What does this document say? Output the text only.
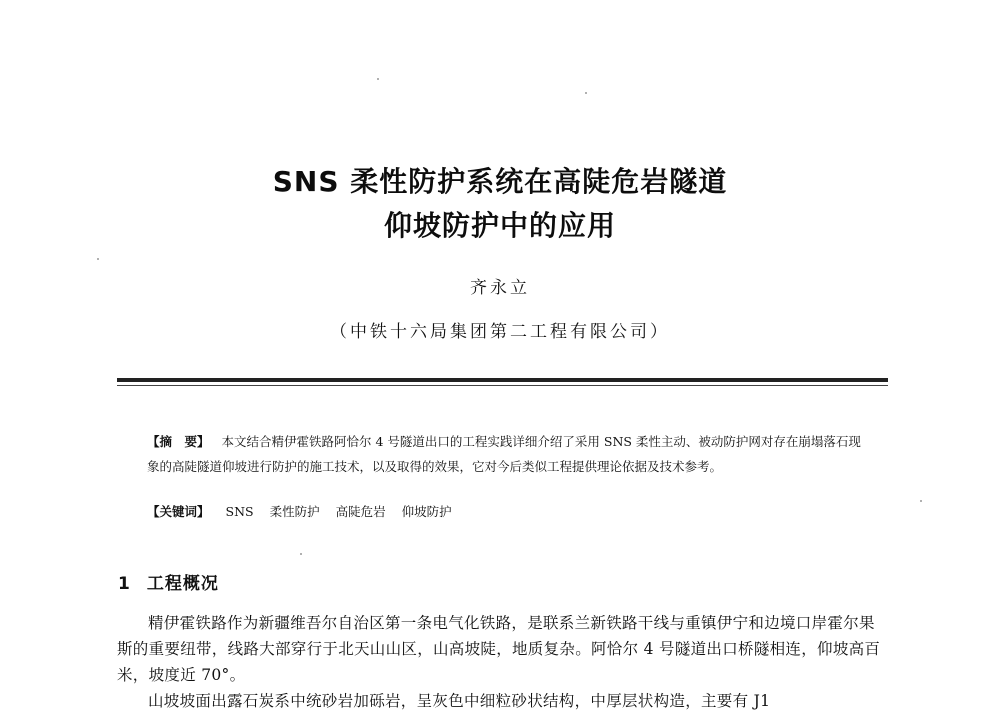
SNS 柔性防护系统在高陡危岩隧道
仰坡防护中的应用
齐永立
（中铁十六局集团第二工程有限公司）
【摘　要】 本文结合精伊霍铁路阿恰尔 4 号隧道出口的工程实践详细介绍了采用 SNS 柔性主动、被动防护网对存在崩塌落石现象的高陡隧道仰坡进行防护的施工技术，以及取得的效果，它对今后类似工程提供理论依据及技术参考。
【关键词】 SNS 柔性防护 高陡危岩 仰坡防护
1 工程概况

精伊霍铁路作为新疆维吾尔自治区第一条电气化铁路，是联系兰新铁路干线与重镇伊宁和边境口岸霍尔果斯的重要纽带，线路大部穿行于北天山山区，山高坡陡，地质复杂。阿恰尔 4 号隧道出口桥隧相连，仰坡高百米，坡度近 70°。

山坡坡面出露石炭系中统砂岩加砾岩，呈灰色中细粒砂状结构，中厚层状构造，主要有 J1
